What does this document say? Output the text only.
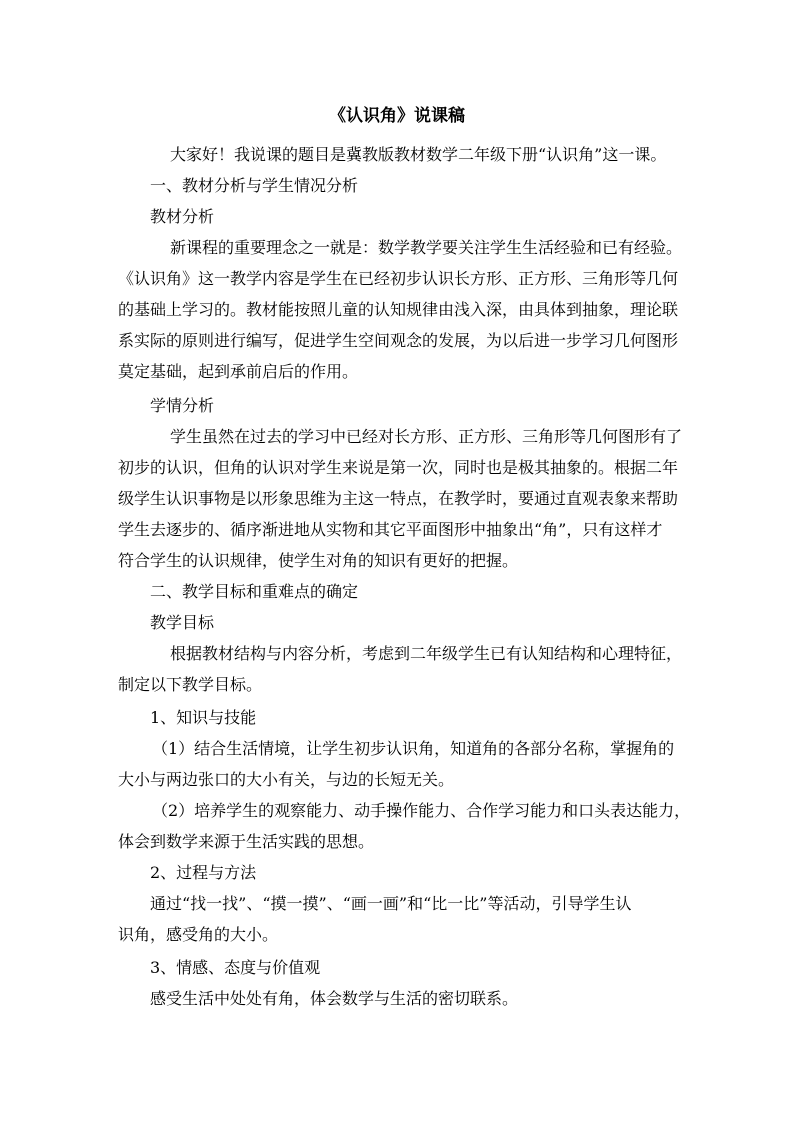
《认识角》说课稿
大家好！我说课的题目是冀教版教材数学二年级下册“认识角”这一课。
一、教材分析与学生情况分析
教材分析
新课程的重要理念之一就是：数学教学要关注学生生活经验和已有经验。
《认识角》这一教学内容是学生在已经初步认识长方形、正方形、三角形等几何
的基础上学习的。教材能按照儿童的认知规律由浅入深，由具体到抽象，理论联
系实际的原则进行编写，促进学生空间观念的发展，为以后进一步学习几何图形
莫定基础，起到承前启后的作用。
学情分析
学生虽然在过去的学习中已经对长方形、正方形、三角形等几何图形有了
初步的认识，但角的认识对学生来说是第一次，同时也是极其抽象的。根据二年
级学生认识事物是以形象思维为主这一特点，在教学时，要通过直观表象来帮助
学生去逐步的、循序渐进地从实物和其它平面图形中抽象出“角”，只有这样才
符合学生的认识规律，使学生对角的知识有更好的把握。
二、教学目标和重难点的确定
教学目标
根据教材结构与内容分析，考虑到二年级学生已有认知结构和心理特征，
制定以下教学目标。
1、知识与技能
（1）结合生活情境，让学生初步认识角，知道角的各部分名称，掌握角的
大小与两边张口的大小有关，与边的长短无关。
（2）培养学生的观察能力、动手操作能力、合作学习能力和口头表达能力，
体会到数学来源于生活实践的思想。
2、过程与方法
通过“找一找”、“摸一摸”、“画一画”和“比一比”等活动，引导学生认
识角，感受角的大小。
3、情感、态度与价值观
感受生活中处处有角，体会数学与生活的密切联系。
